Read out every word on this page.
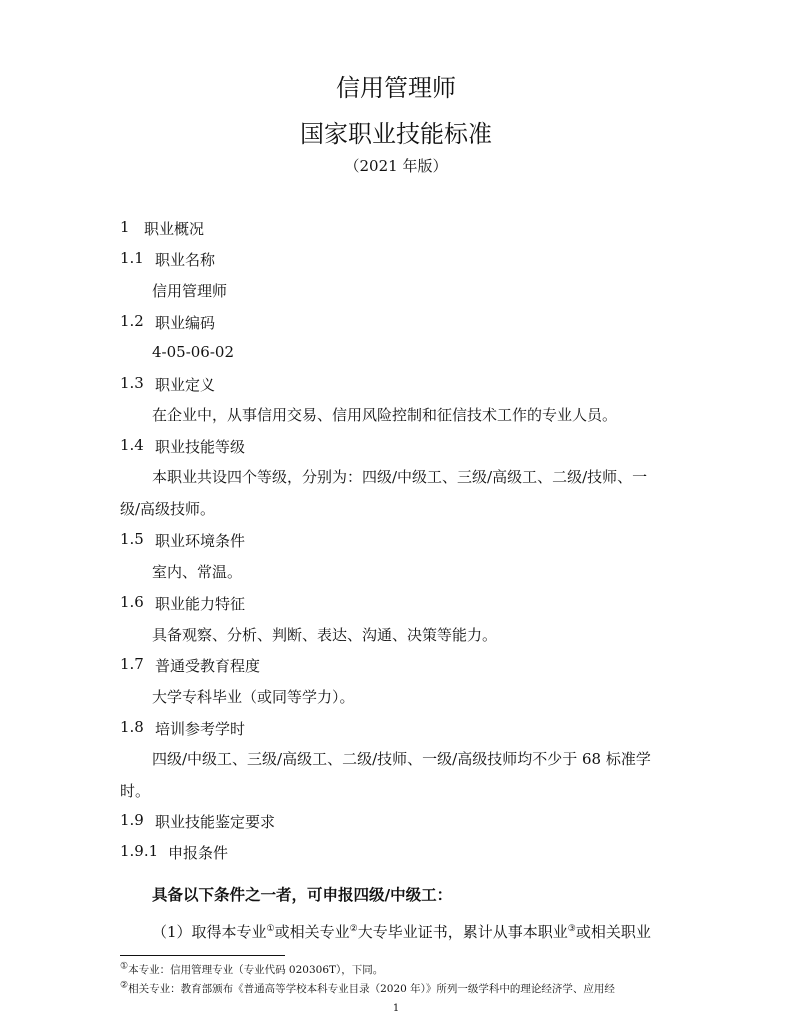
信用管理师
国家职业技能标准
（2021 年版）
1 职业概况
1.1 职业名称
信用管理师
1.2 职业编码
4-05-06-02
1.3 职业定义
在企业中，从事信用交易、信用风险控制和征信技术工作的专业人员。
1.4 职业技能等级
本职业共设四个等级，分别为：四级/中级工、三级/高级工、二级/技师、一
级/高级技师。
1.5 职业环境条件
室内、常温。
1.6 职业能力特征
具备观察、分析、判断、表达、沟通、决策等能力。
1.7 普通受教育程度
大学专科毕业（或同等学力）。
1.8 培训参考学时
四级/中级工、三级/高级工、二级/技师、一级/高级技师均不少于 68 标准学
时。
1.9 职业技能鉴定要求
1.9.1 申报条件
具备以下条件之一者，可申报四级/中级工：
（1）取得本专业①或相关专业②大专毕业证书，累计从事本职业③或相关职业
①本专业：信用管理专业（专业代码 020306T），下同。
②相关专业：教育部颁布《普通高等学校本科专业目录（2020 年）》所列一级学科中的理论经济学、应用经
1
